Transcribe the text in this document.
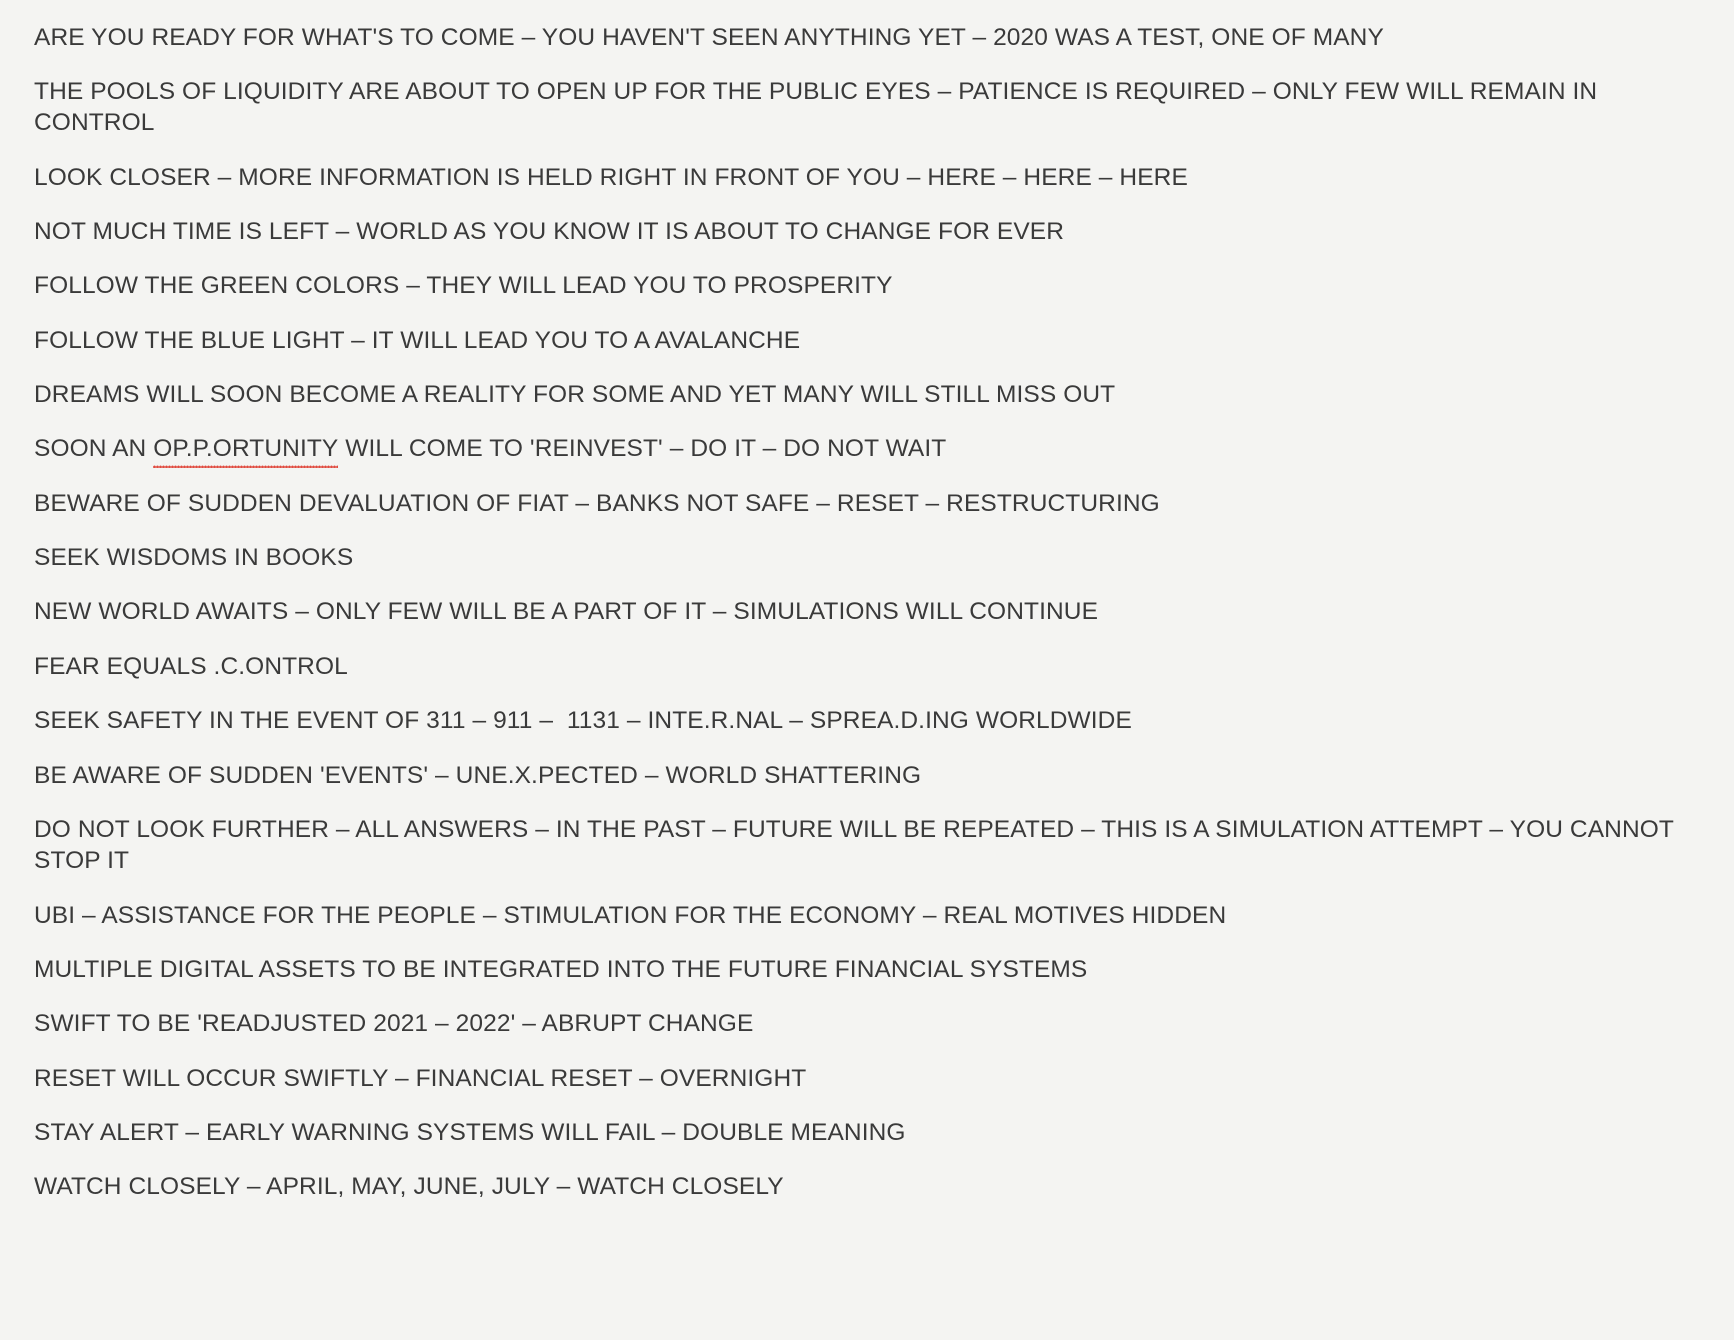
ARE YOU READY FOR WHAT'S TO COME – YOU HAVEN'T SEEN ANYTHING YET – 2020 WAS A TEST, ONE OF MANY

THE POOLS OF LIQUIDITY ARE ABOUT TO OPEN UP FOR THE PUBLIC EYES – PATIENCE IS REQUIRED – ONLY FEW WILL REMAIN IN CONTROL

LOOK CLOSER – MORE INFORMATION IS HELD RIGHT IN FRONT OF YOU – HERE – HERE – HERE

NOT MUCH TIME IS LEFT – WORLD AS YOU KNOW IT IS ABOUT TO CHANGE FOR EVER

FOLLOW THE GREEN COLORS – THEY WILL LEAD YOU TO PROSPERITY

FOLLOW THE BLUE LIGHT – IT WILL LEAD YOU TO A AVALANCHE

DREAMS WILL SOON BECOME A REALITY FOR SOME AND YET MANY WILL STILL MISS OUT

SOON AN OP.P.ORTUNITY WILL COME TO 'REINVEST' – DO IT – DO NOT WAIT

BEWARE OF SUDDEN DEVALUATION OF FIAT – BANKS NOT SAFE – RESET – RESTRUCTURING

SEEK WISDOMS IN BOOKS

NEW WORLD AWAITS – ONLY FEW WILL BE A PART OF IT – SIMULATIONS WILL CONTINUE

FEAR EQUALS .C.ONTROL

SEEK SAFETY IN THE EVENT OF 311 – 911 –  1131 – INTE.R.NAL – SPREA.D.ING WORLDWIDE

BE AWARE OF SUDDEN 'EVENTS' – UNE.X.PECTED – WORLD SHATTERING

DO NOT LOOK FURTHER – ALL ANSWERS – IN THE PAST – FUTURE WILL BE REPEATED – THIS IS A SIMULATION ATTEMPT – YOU CANNOT STOP IT

UBI – ASSISTANCE FOR THE PEOPLE – STIMULATION FOR THE ECONOMY – REAL MOTIVES HIDDEN

MULTIPLE DIGITAL ASSETS TO BE INTEGRATED INTO THE FUTURE FINANCIAL SYSTEMS

SWIFT TO BE 'READJUSTED 2021 – 2022' – ABRUPT CHANGE

RESET WILL OCCUR SWIFTLY – FINANCIAL RESET – OVERNIGHT

STAY ALERT – EARLY WARNING SYSTEMS WILL FAIL – DOUBLE MEANING

WATCH CLOSELY – APRIL, MAY, JUNE, JULY – WATCH CLOSELY
